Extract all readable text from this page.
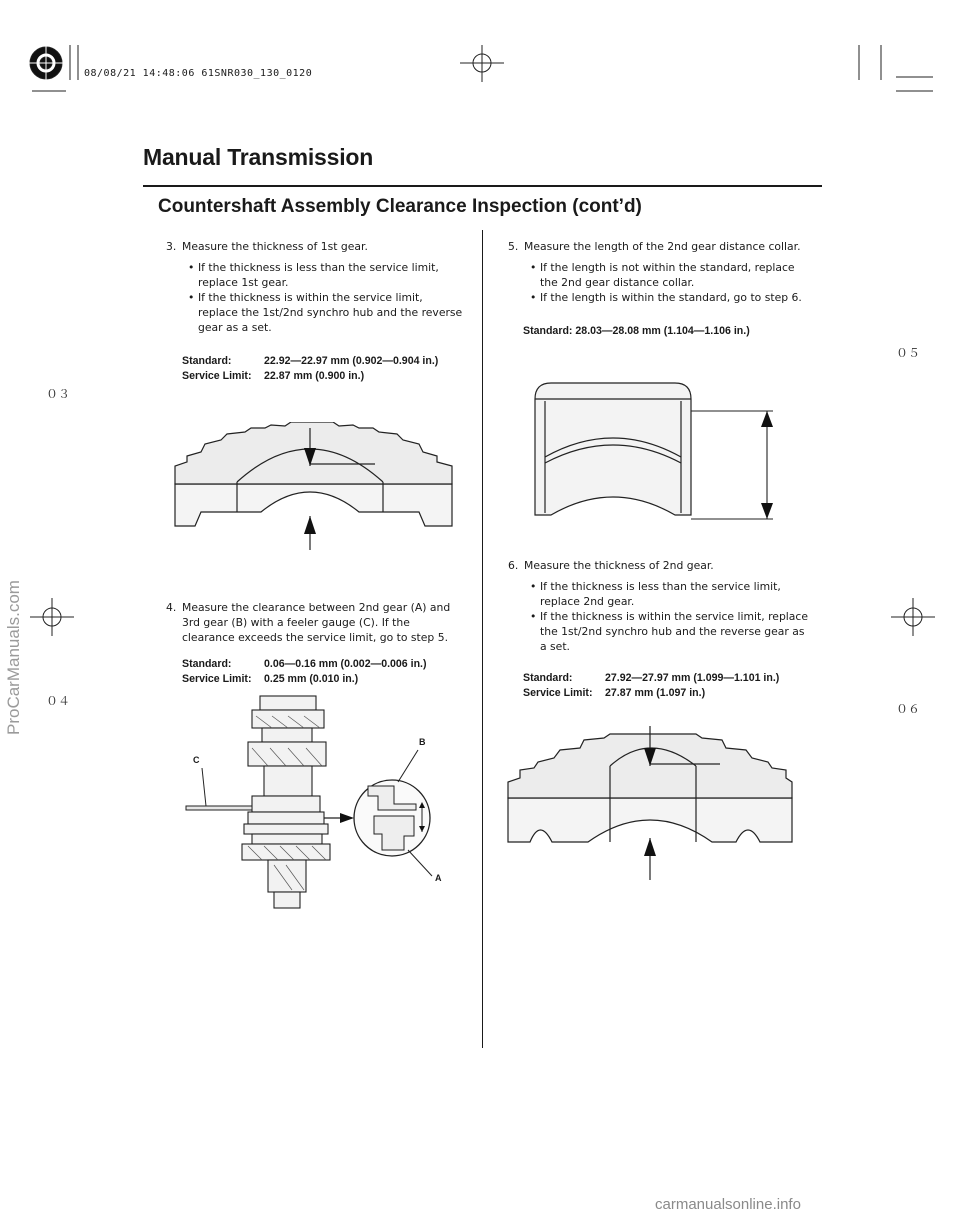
08/08/21 14:48:06 61SNR030_130_0120
０３
０４
０５
０６
Manual Transmission
Countershaft Assembly Clearance Inspection (cont’d)
3. Measure the thickness of 1st gear.
• If the thickness is less than the service limit, replace 1st gear.
• If the thickness is within the service limit, replace the 1st/2nd synchro hub and the reverse gear as a set.
Standard:	22.92—22.97 mm (0.902—0.904 in.)
Service Limit: 22.87 mm (0.900 in.)
4. Measure the clearance between 2nd gear (A) and 3rd gear (B) with a feeler gauge (C). If the clearance exceeds the service limit, go to step 5.
Standard:	0.06—0.16 mm (0.002—0.006 in.)
Service Limit: 0.25 mm (0.010 in.)
C
B
A
5. Measure the length of the 2nd gear distance collar.
• If the length is not within the standard, replace the 2nd gear distance collar.
• If the length is within the standard, go to step 6.
Standard: 28.03—28.08 mm (1.104—1.106 in.)
6. Measure the thickness of 2nd gear.
• If the thickness is less than the service limit, replace 2nd gear.
• If the thickness is within the service limit, replace the 1st/2nd synchro hub and the reverse gear as a set.
Standard:	27.92—27.97 mm (1.099—1.101 in.)
Service Limit: 27.87 mm (1.097 in.)
ProCarManuals.com
carmanualsonline.info
